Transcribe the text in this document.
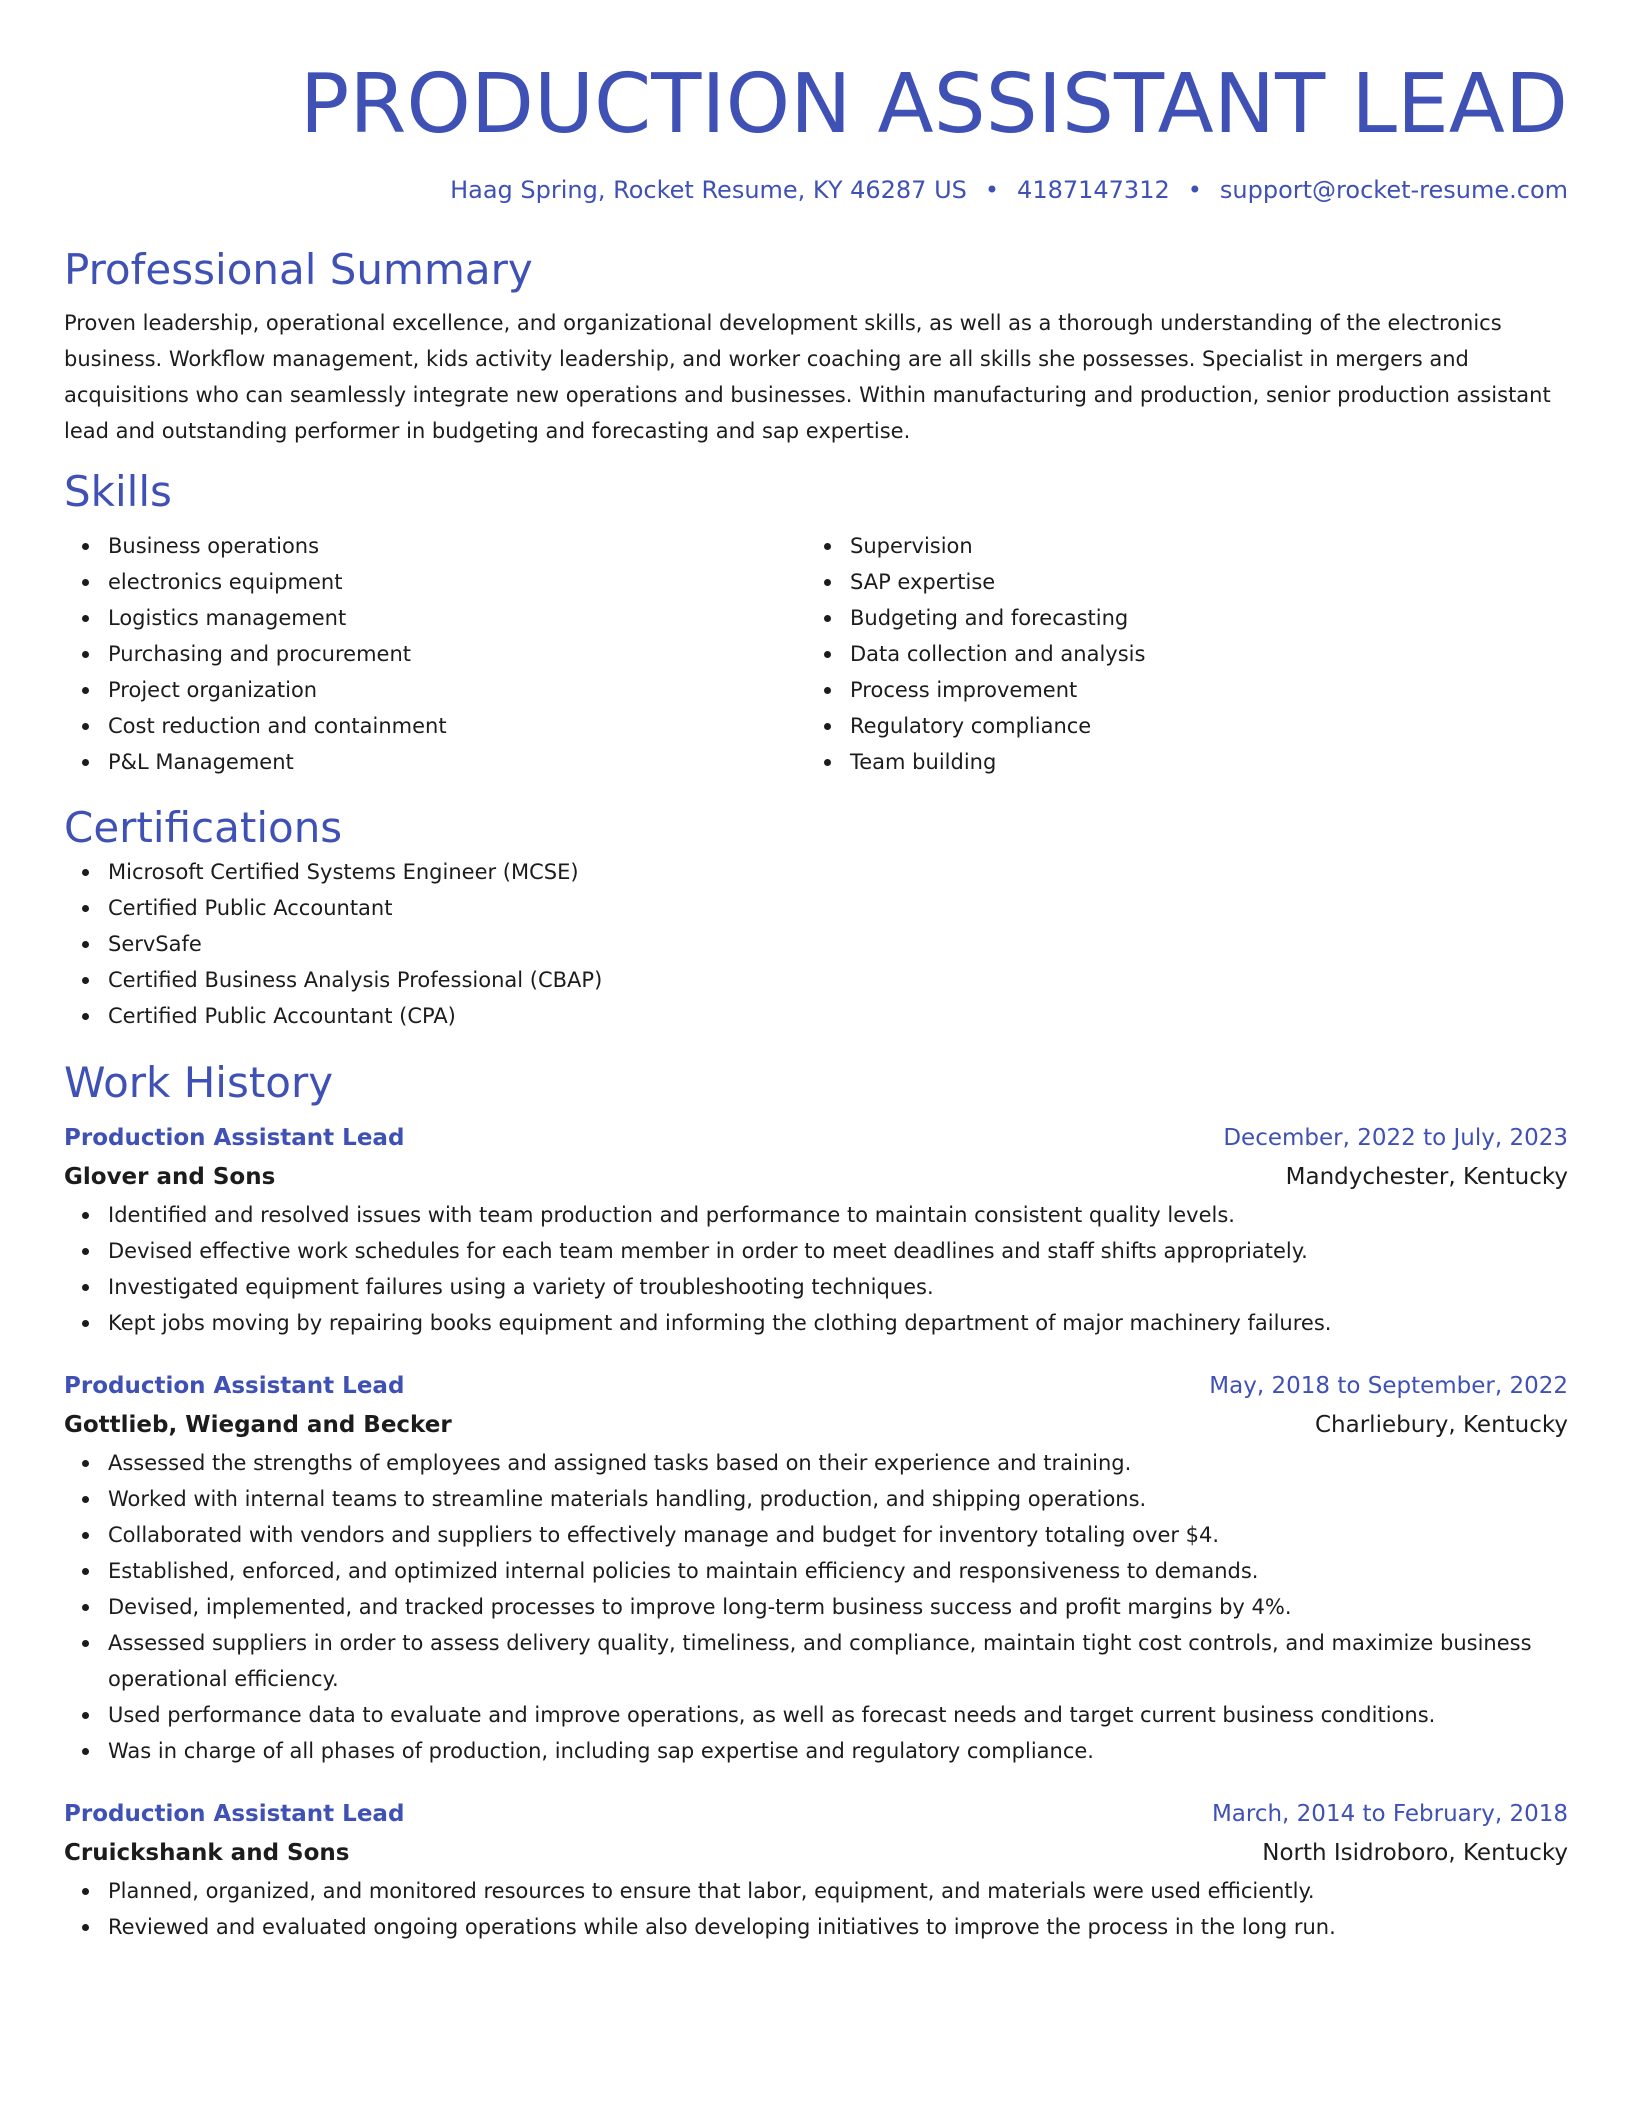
PRODUCTION ASSISTANT LEAD
Haag Spring, Rocket Resume, KY 46287 US • 4187147312 • support@rocket-resume.com
Professional Summary
Proven leadership, operational excellence, and organizational development skills, as well as a thorough understanding of the electronics business. Workflow management, kids activity leadership, and worker coaching are all skills she possesses. Specialist in mergers and acquisitions who can seamlessly integrate new operations and businesses. Within manufacturing and production, senior production assistant lead and outstanding performer in budgeting and forecasting and sap expertise.
Skills
Business operations
electronics equipment
Logistics management
Purchasing and procurement
Project organization
Cost reduction and containment
P&L Management
Supervision
SAP expertise
Budgeting and forecasting
Data collection and analysis
Process improvement
Regulatory compliance
Team building
Certifications
Microsoft Certified Systems Engineer (MCSE)
Certified Public Accountant
ServSafe
Certified Business Analysis Professional (CBAP)
Certified Public Accountant (CPA)
Work History
Production Assistant Lead	December, 2022 to July, 2023
Glover and Sons	Mandychester, Kentucky
Identified and resolved issues with team production and performance to maintain consistent quality levels.
Devised effective work schedules for each team member in order to meet deadlines and staff shifts appropriately.
Investigated equipment failures using a variety of troubleshooting techniques.
Kept jobs moving by repairing books equipment and informing the clothing department of major machinery failures.
Production Assistant Lead	May, 2018 to September, 2022
Gottlieb, Wiegand and Becker	Charliebury, Kentucky
Assessed the strengths of employees and assigned tasks based on their experience and training.
Worked with internal teams to streamline materials handling, production, and shipping operations.
Collaborated with vendors and suppliers to effectively manage and budget for inventory totaling over $4.
Established, enforced, and optimized internal policies to maintain efficiency and responsiveness to demands.
Devised, implemented, and tracked processes to improve long-term business success and profit margins by 4%.
Assessed suppliers in order to assess delivery quality, timeliness, and compliance, maintain tight cost controls, and maximize business operational efficiency.
Used performance data to evaluate and improve operations, as well as forecast needs and target current business conditions.
Was in charge of all phases of production, including sap expertise and regulatory compliance.
Production Assistant Lead	March, 2014 to February, 2018
Cruickshank and Sons	North Isidroboro, Kentucky
Planned, organized, and monitored resources to ensure that labor, equipment, and materials were used efficiently.
Reviewed and evaluated ongoing operations while also developing initiatives to improve the process in the long run.
